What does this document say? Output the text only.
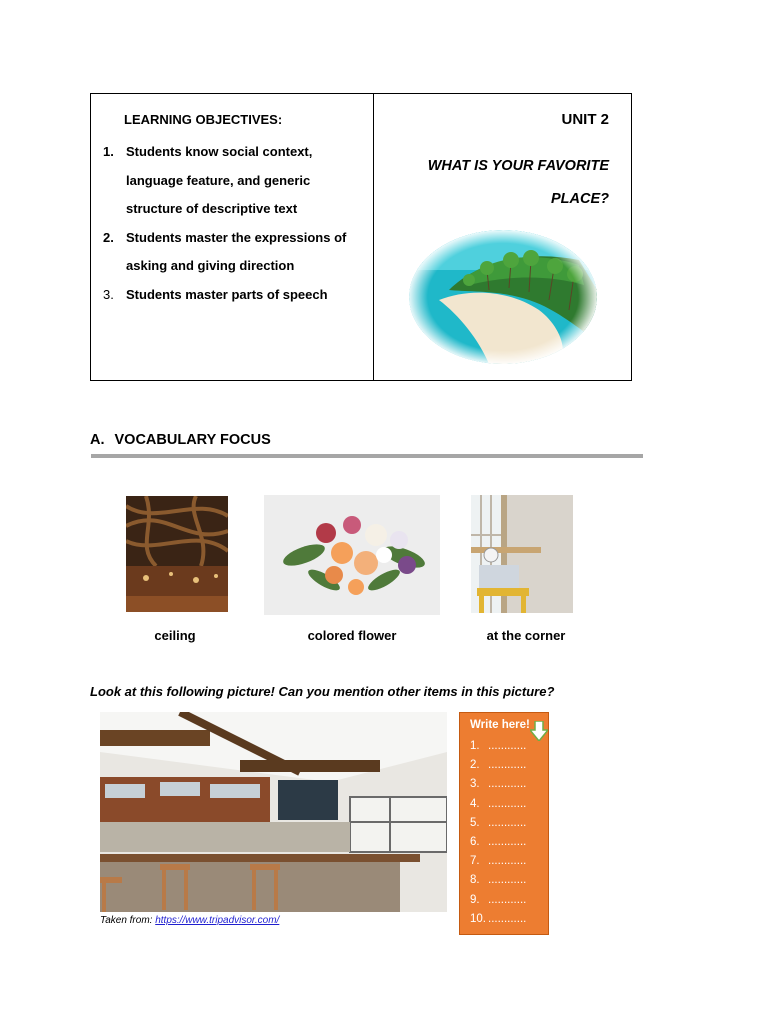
LEARNING OBJECTIVES:
1. Students know social context,
language feature, and generic
structure of descriptive text
2. Students master the expressions of
asking and giving direction
3. Students master parts of speech
UNIT 2
WHAT IS YOUR FAVORITE
PLACE?
A. VOCABULARY FOCUS
ceiling	colored flower	at the corner
Look at this following picture! Can you mention other items in this picture?
Taken from: https://www.tripadvisor.com/
Write here!
1. ............
2. ............
3. ............
4. ............
5. ............
6. ............
7. ............
8. ............
9. ............
10. ............
